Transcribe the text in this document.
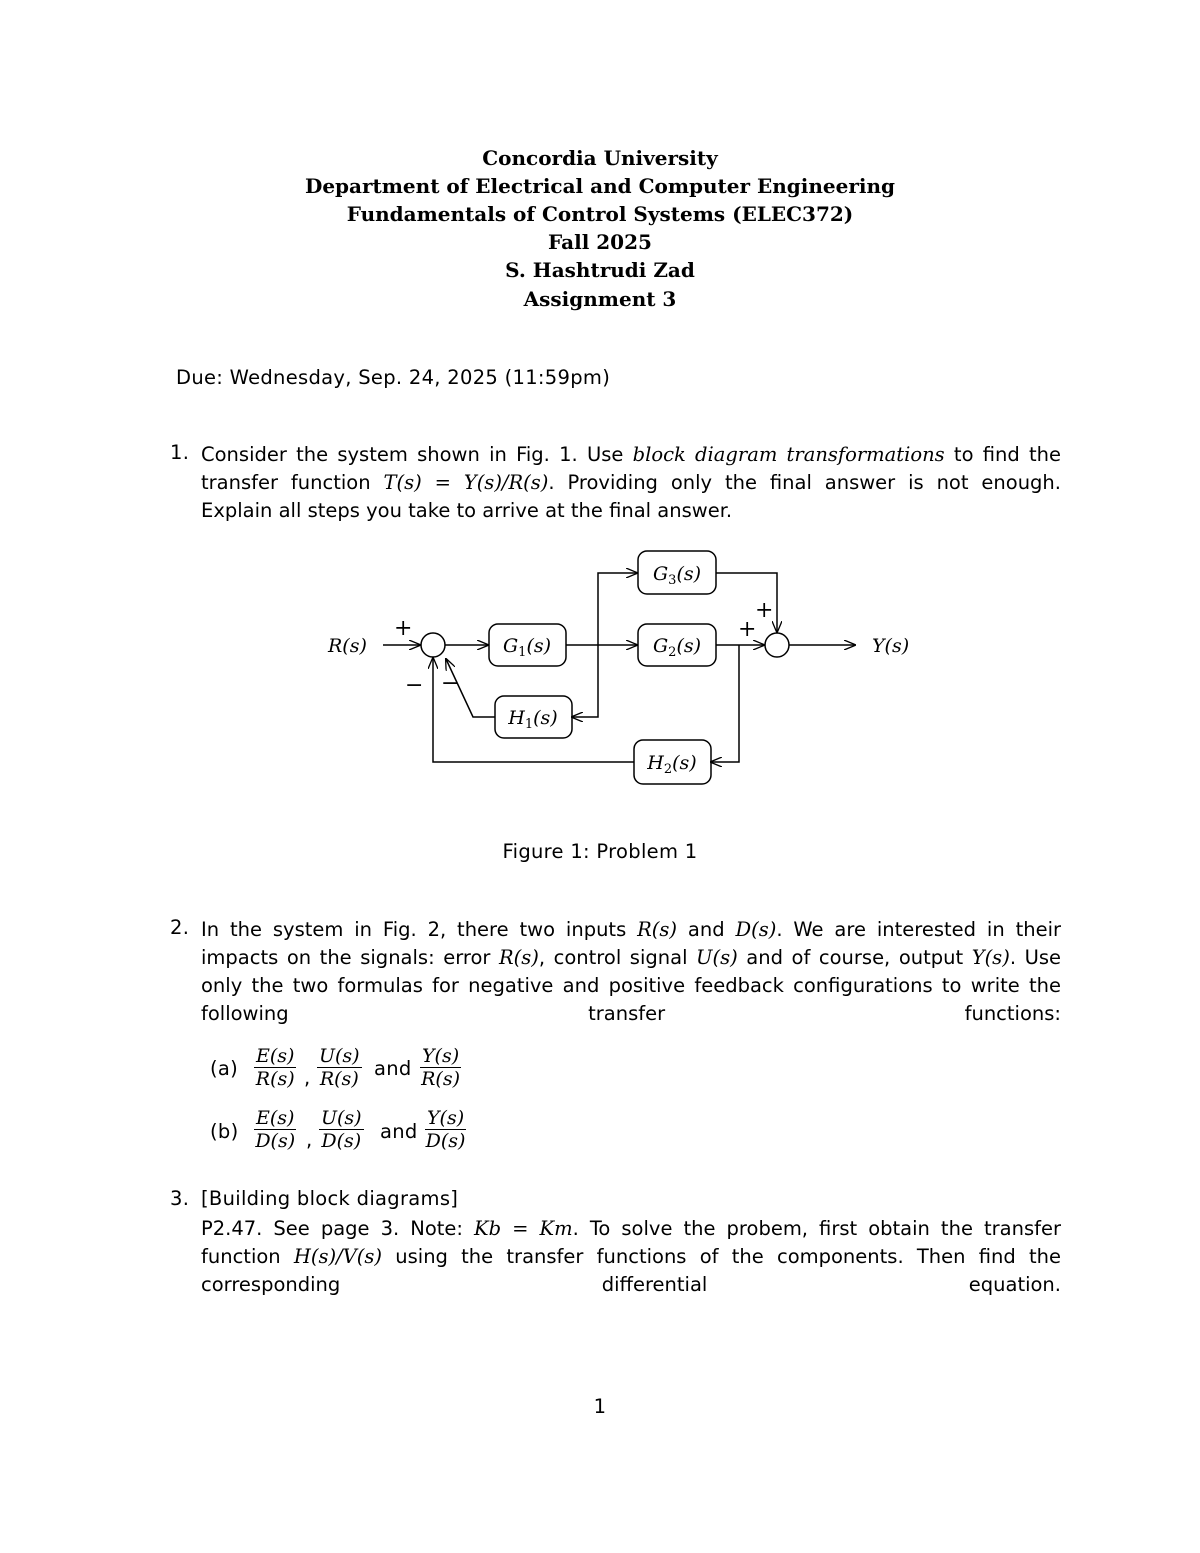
Concordia University
Department of Electrical and Computer Engineering
Fundamentals of Control Systems (ELEC372)
Fall 2025
S. Hashtrudi Zad
Assignment 3
Due: Wednesday, Sep. 24, 2025 (11:59pm)
1. Consider the system shown in Fig. 1. Use block diagram transformations to find the transfer function T(s) = Y(s)/R(s). Providing only the final answer is not enough.
Explain all steps you take to arrive at the final answer.
R(s)	Y(s)
$G_1(s)$	$G_2(s)$
$G_3(s)$
$H_1(s)$
$H_2(s)$
+
− −
+
+
Figure 1: Problem 1
2. In the system in Fig. 2, there two inputs R(s) and D(s). We are interested in their impacts on the signals: error R(s), control signal U(s) and of course, output Y(s). Use only the two formulas for negative and positive feedback configurations to write the following transfer functions:
$(a) \frac{E(s)}{R(s)}$ , $\frac{U(s)}{R(s)}$ and $\frac{Y(s)}{R(s)}$
$(b) \frac{E(s)}{D(s)}$ , $\frac{U(s)}{D(s)}$ and $\frac{Y(s)}{D(s)}$
3. [Building block diagrams]
P2.47. See page 3. Note: Kb = Km. To solve the probem, first obtain the transfer function H(s)/V(s) using the transfer functions of the components. Then find the corresponding differential equation.
1
